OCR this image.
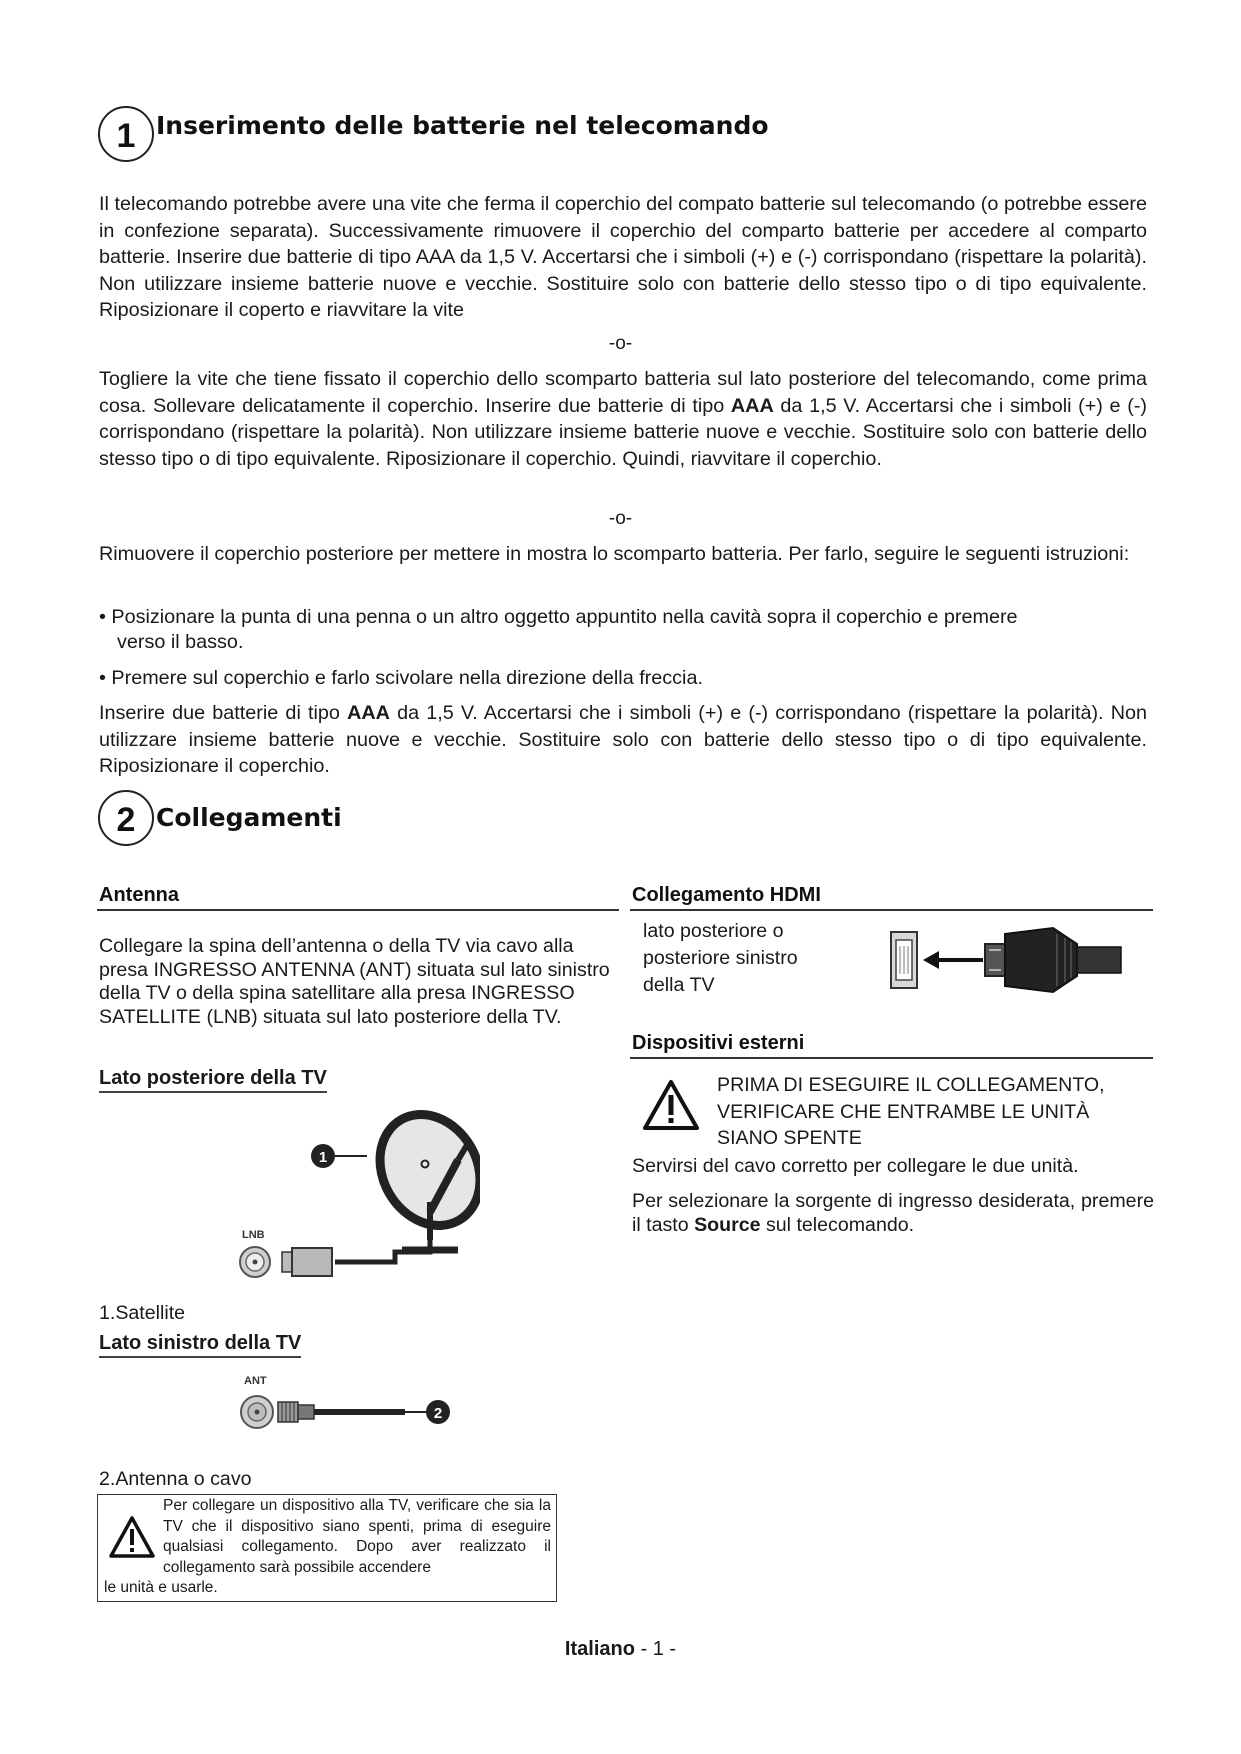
1 Inserimento delle batterie nel telecomando
Il telecomando potrebbe avere una vite che ferma il coperchio del compato batterie sul telecomando (o potrebbe essere in confezione separata). Successivamente rimuovere il coperchio del comparto batterie per accedere al comparto batterie. Inserire due batterie di tipo AAA da 1,5 V. Accertarsi che i simboli (+) e (-) corrispondano (rispettare la polarità). Non utilizzare insieme batterie nuove e vecchie. Sostituire solo con batterie dello stesso tipo o di tipo equivalente. Riposizionare il coperto e riavvitare la vite
-o-
Togliere la vite che tiene fissato il coperchio dello scomparto batteria sul lato posteriore del telecomando, come prima cosa. Sollevare delicatamente il coperchio. Inserire due batterie di tipo AAA da 1,5 V. Accertarsi che i simboli (+) e (-) corrispondano (rispettare la polarità). Non utilizzare insieme batterie nuove e vecchie. Sostituire solo con batterie dello stesso tipo o di tipo equivalente. Riposizionare il coperchio. Quindi, riavvitare il coperchio.
-o-
Rimuovere il coperchio posteriore per mettere in mostra lo scomparto batteria. Per farlo, seguire le seguenti istruzioni:
• Posizionare la punta di una penna o un altro oggetto appuntito nella cavità sopra il coperchio e premere
verso il basso.
• Premere sul coperchio e farlo scivolare nella direzione della freccia.
Inserire due batterie di tipo AAA da 1,5 V. Accertarsi che i simboli (+) e (-) corrispondano (rispettare la polarità). Non utilizzare insieme batterie nuove e vecchie. Sostituire solo con batterie dello stesso tipo o di tipo equivalente. Riposizionare il coperchio.
2 Collegamenti
Antenna
Collegare la spina dell’antenna o della TV via cavo alla presa INGRESSO ANTENNA (ANT) situata sul lato sinistro della TV o della spina satellitare alla presa INGRESSO SATELLITE (LNB) situata sul lato posteriore della TV.
Lato posteriore della TV
1
LNB
1.Satellite
Lato sinistro della TV
ANT
2
2.Antenna o cavo
Per collegare un dispositivo alla TV, verificare che sia la TV che il dispositivo siano spenti, prima di eseguire qualsiasi collegamento. Dopo aver realizzato il collegamento sarà possibile accendere
le unità e usarle.
Collegamento HDMI
lato posteriore o posteriore sinistro della TV
Dispositivi esterni
PRIMA DI ESEGUIRE IL COLLEGAMENTO, VERIFICARE CHE ENTRAMBE LE UNITÀ SIANO SPENTE
Servirsi del cavo corretto per collegare le due unità.
Per selezionare la sorgente di ingresso desiderata, premere il tasto Source sul telecomando.
Italiano - 1 -
